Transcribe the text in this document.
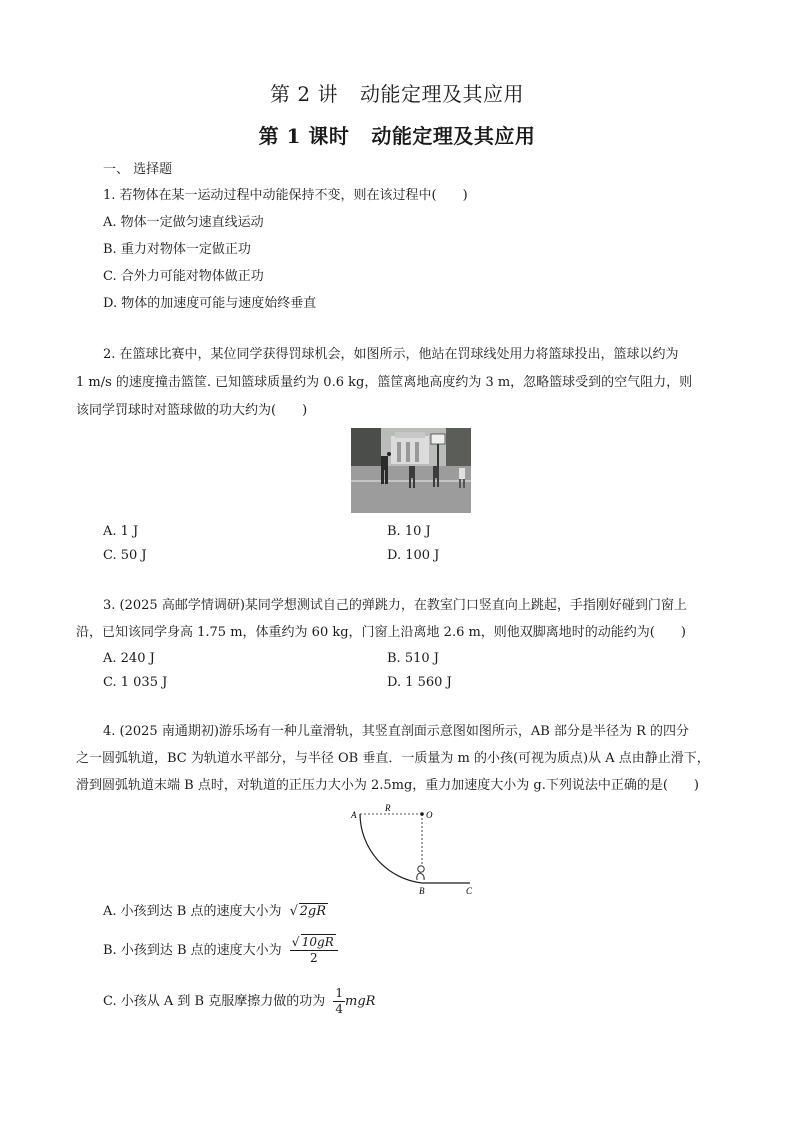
第 2 讲 动能定理及其应用
第 1 课时 动能定理及其应用
一、 选择题
1. 若物体在某一运动过程中动能保持不变，则在该过程中(　　)
A. 物体一定做匀速直线运动
B. 重力对物体一定做正功
C. 合外力可能对物体做正功
D. 物体的加速度可能与速度始终垂直
2. 在篮球比赛中，某位同学获得罚球机会，如图所示，他站在罚球线处用力将篮球投出，篮球以约为
1 m/s 的速度撞击篮筐. 已知篮球质量约为 0.6 kg，篮筐离地高度约为 3 m，忽略篮球受到的空气阻力，则
该同学罚球时对篮球做的功大约为(　　)
A. 1 J	B. 10 J
C. 50 J	D. 100 J
3. (2025 高邮学情调研)某同学想测试自己的弹跳力，在教室门口竖直向上跳起，手指刚好碰到门窗上
沿，已知该同学身高 1.75 m，体重约为 60 kg，门窗上沿离地 2.6 m，则他双脚离地时的动能约为(　　)
A. 240 J	B. 510 J
C. 1 035 J	D. 1 560 J
4. (2025 南通期初)游乐场有一种儿童滑轨，其竖直剖面示意图如图所示，AB 部分是半径为 R 的四分
之一圆弧轨道，BC 为轨道水平部分，与半径 OB 垂直．一质量为 m 的小孩(可视为质点)从 A 点由静止滑下，
滑到圆弧轨道末端 B 点时，对轨道的正压力大小为 2.5mg，重力加速度大小为 g.下列说法中正确的是(　　)
A
R
O
B	C
A. 小孩到达 B 点的速度大小为 √ 2gR
B. 小孩到达 B 点的速度大小为 $\frac{√ 10gR}{2}$
C. 小孩从 A 到 B 克服摩擦力做的功为 $\frac{1}{4}$ mgR
